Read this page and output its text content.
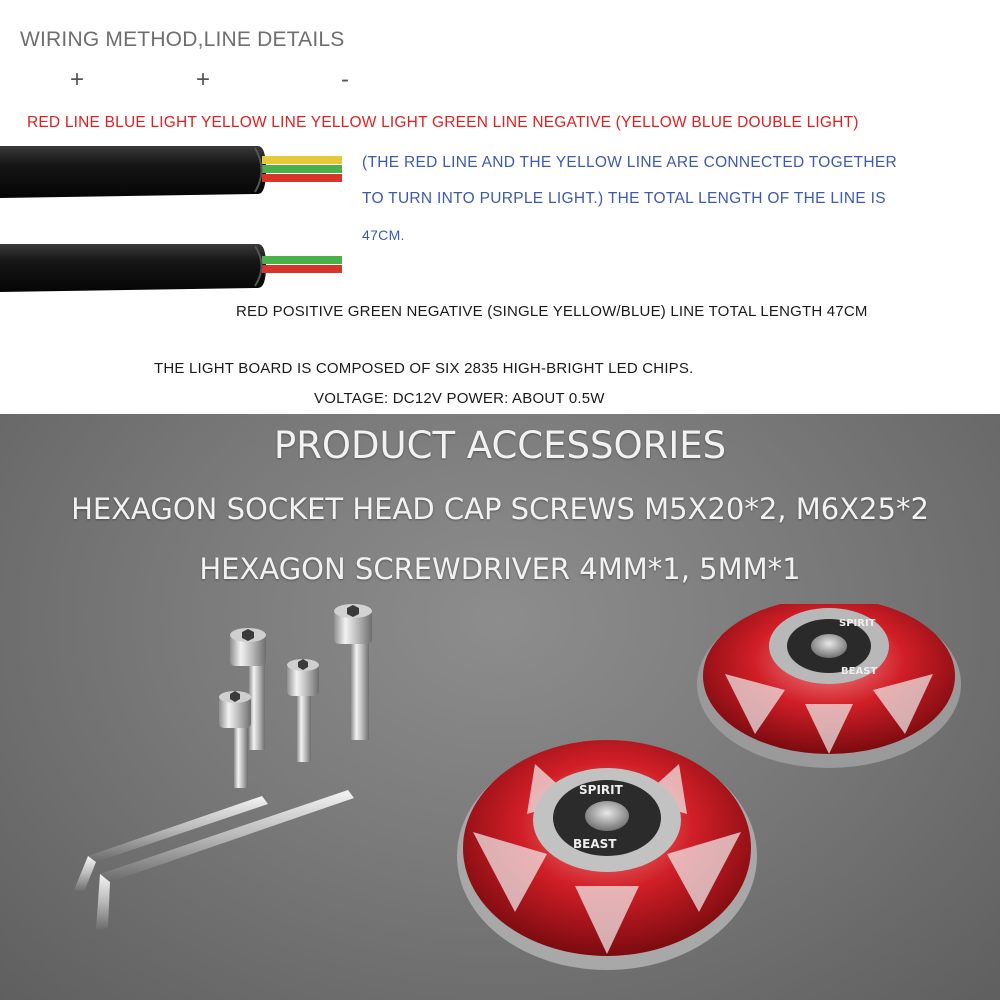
WIRING METHOD,LINE DETAILS
+	+	-
RED LINE BLUE LIGHT YELLOW LINE YELLOW LIGHT GREEN LINE NEGATIVE (YELLOW BLUE DOUBLE LIGHT)
(THE RED LINE AND THE YELLOW LINE ARE CONNECTED TOGETHER
TO TURN INTO PURPLE LIGHT.) THE TOTAL LENGTH OF THE LINE IS
47CM.
RED POSITIVE GREEN NEGATIVE (SINGLE YELLOW/BLUE) LINE TOTAL LENGTH 47CM
THE LIGHT BOARD IS COMPOSED OF SIX 2835 HIGH-BRIGHT LED CHIPS.
VOLTAGE: DC12V POWER: ABOUT 0.5W
PRODUCT ACCESSORIES
HEXAGON SOCKET HEAD CAP SCREWS M5X20*2, M6X25*2
HEXAGON SCREWDRIVER 4MM*1, 5MM*1
SPIRIT
BEAST
SPIRIT
BEAST
